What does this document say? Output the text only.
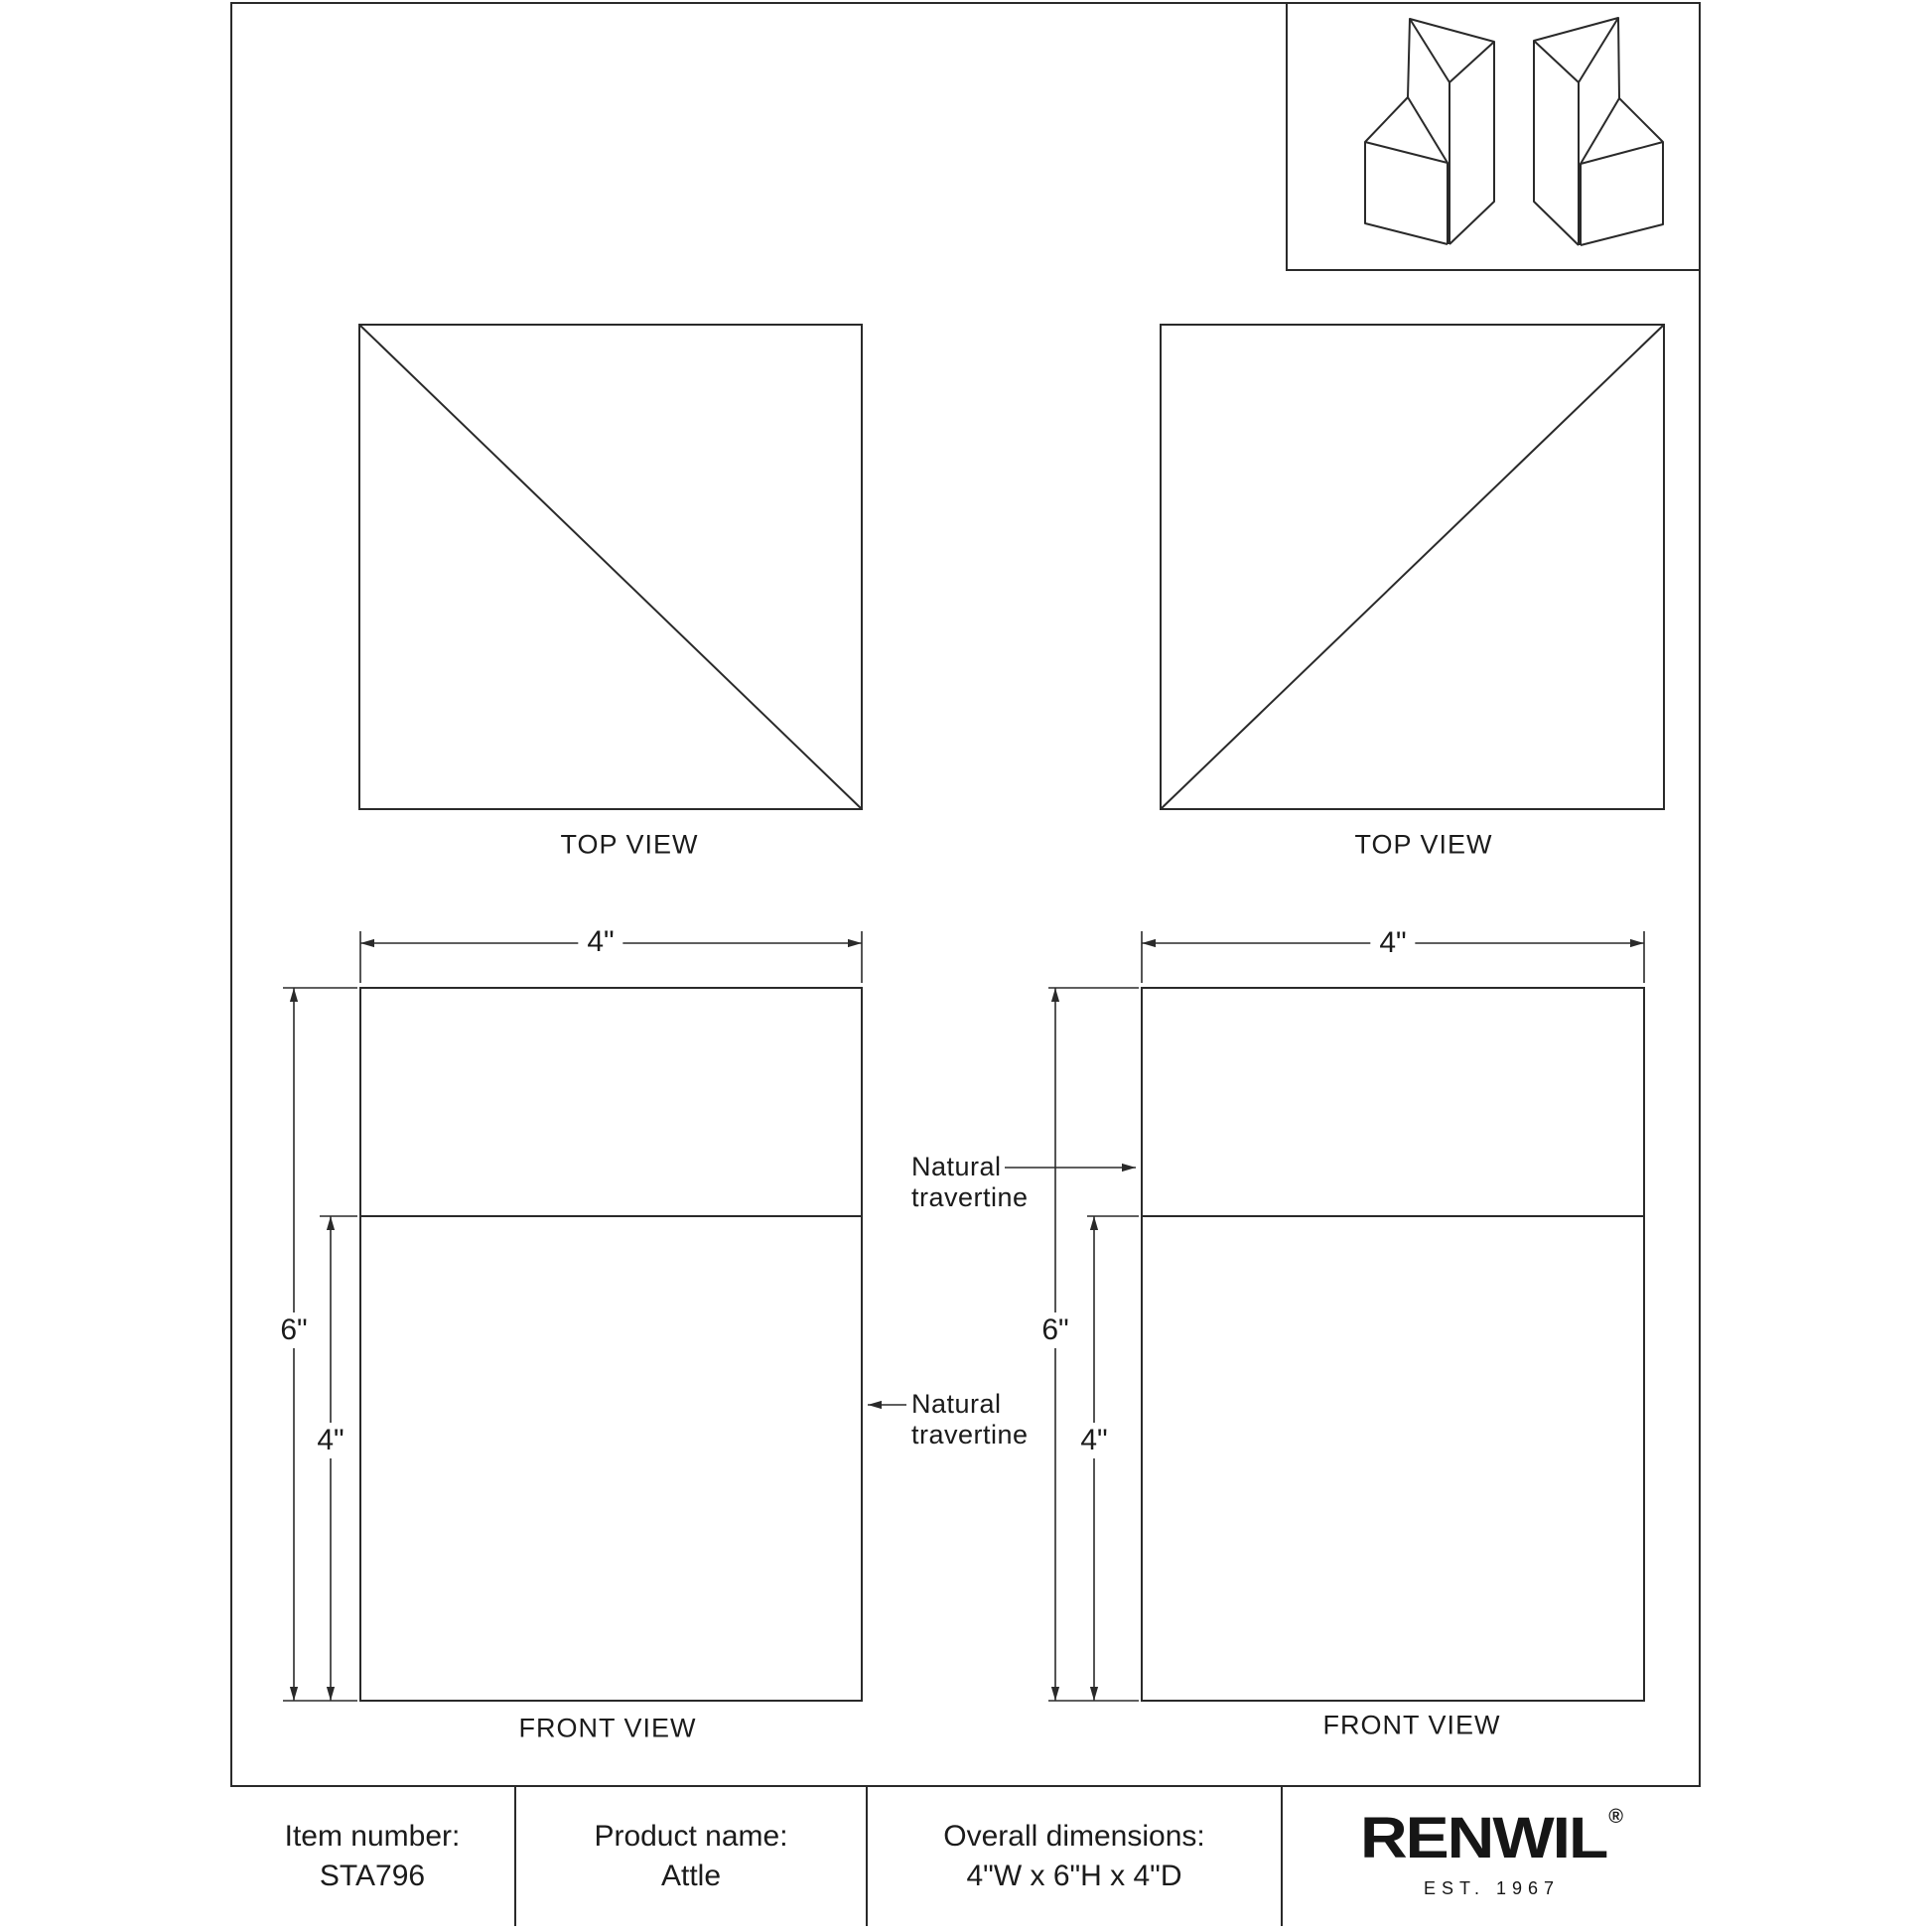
TOP VIEW	TOP VIEW
FRONT VIEW	FRONT VIEW
4"	4"
6"	6"
4"	4"
Natural
travertine
Natural
travertine
Item number:
STA796
Product name:
Attle
Overall dimensions:
4"W x 6"H x 4"D
RENWIL ®
EST. 1967
